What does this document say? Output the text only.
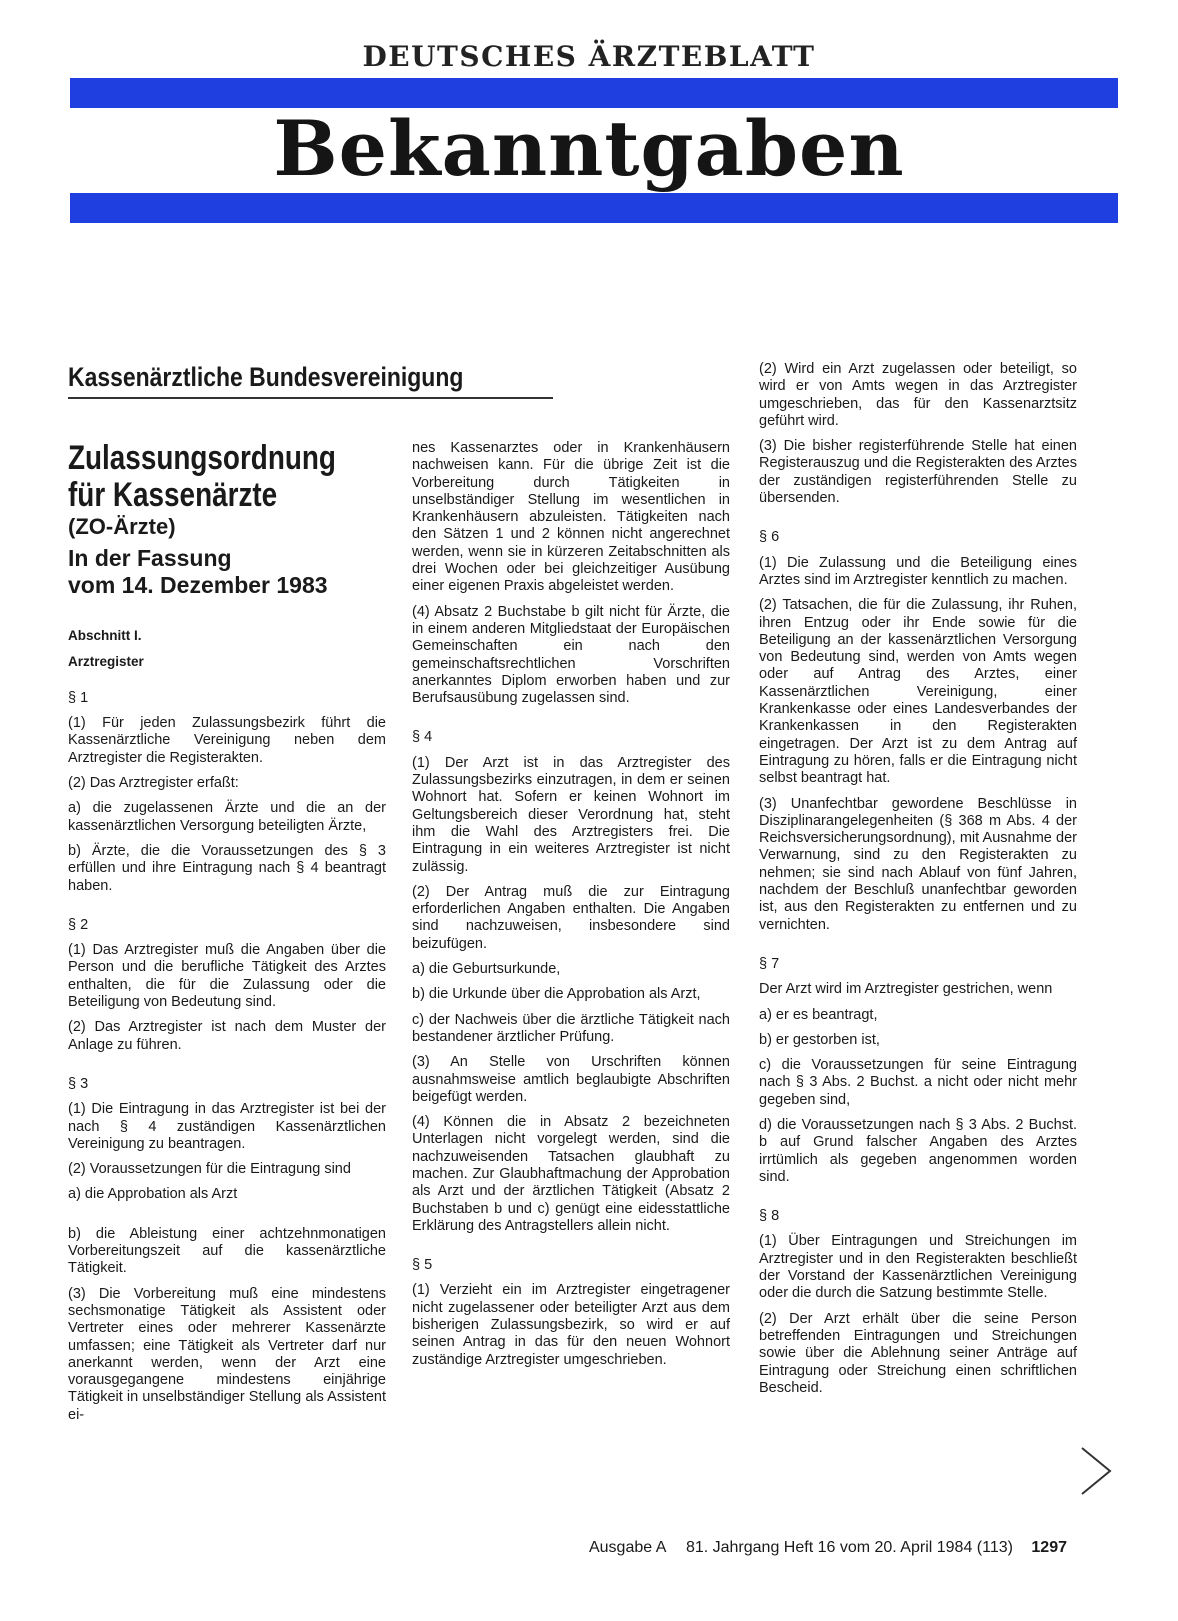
DEUTSCHES ÄRZTEBLATT
Bekanntgaben
Kassenärztliche Bundesvereinigung
Zulassungsordnung
für Kassenärzte
(ZO-Ärzte)
In der Fassung
vom 14. Dezember 1983

Abschnitt I.

Arztregister

§ 1

(1) Für jeden Zulassungsbezirk führt die Kassenärztliche Vereinigung neben dem Arztregister die Registerakten.

(2) Das Arztregister erfaßt:

a) die zugelassenen Ärzte und die an der kassenärztlichen Versorgung beteiligten Ärzte,

b) Ärzte, die die Voraussetzungen des § 3 erfüllen und ihre Eintragung nach § 4 beantragt haben.

§ 2

(1) Das Arztregister muß die Angaben über die Person und die berufliche Tätigkeit des Arztes enthalten, die für die Zulassung oder die Beteiligung von Bedeutung sind.

(2) Das Arztregister ist nach dem Muster der Anlage zu führen.

§ 3

(1) Die Eintragung in das Arztregister ist bei der nach § 4 zuständigen Kassenärztlichen Vereinigung zu beantragen.

(2) Voraussetzungen für die Eintragung sind

a) die Approbation als Arzt

b) die Ableistung einer achtzehnmonatigen Vorbereitungszeit auf die kassenärztliche Tätigkeit.

(3) Die Vorbereitung muß eine mindestens sechsmonatige Tätigkeit als Assistent oder Vertreter eines oder mehrerer Kassenärzte umfassen; eine Tätigkeit als Vertreter darf nur anerkannt werden, wenn der Arzt eine vorausgegangene mindestens einjährige Tätigkeit in unselbständiger Stellung als Assistent ei-

nes Kassenarztes oder in Krankenhäusern nachweisen kann. Für die übrige Zeit ist die Vorbereitung durch Tätigkeiten in unselbständiger Stellung im wesentlichen in Krankenhäusern abzuleisten. Tätigkeiten nach den Sätzen 1 und 2 können nicht angerechnet werden, wenn sie in kürzeren Zeitabschnitten als drei Wochen oder bei gleichzeitiger Ausübung einer eigenen Praxis abgeleistet werden.

(4) Absatz 2 Buchstabe b gilt nicht für Ärzte, die in einem anderen Mitgliedstaat der Europäischen Gemeinschaften ein nach den gemeinschaftsrechtlichen Vorschriften anerkanntes Diplom erworben haben und zur Berufsausübung zugelassen sind.

§ 4

(1) Der Arzt ist in das Arztregister des Zulassungsbezirks einzutragen, in dem er seinen Wohnort hat. Sofern er keinen Wohnort im Geltungsbereich dieser Verordnung hat, steht ihm die Wahl des Arztregisters frei. Die Eintragung in ein weiteres Arztregister ist nicht zulässig.

(2) Der Antrag muß die zur Eintragung erforderlichen Angaben enthalten. Die Angaben sind nachzuweisen, insbesondere sind beizufügen.

a) die Geburtsurkunde,

b) die Urkunde über die Approbation als Arzt,

c) der Nachweis über die ärztliche Tätigkeit nach bestandener ärztlicher Prüfung.

(3) An Stelle von Urschriften können ausnahmsweise amtlich beglaubigte Abschriften beigefügt werden.

(4) Können die in Absatz 2 bezeichneten Unterlagen nicht vorgelegt werden, sind die nachzuweisenden Tatsachen glaubhaft zu machen. Zur Glaubhaftmachung der Approbation als Arzt und der ärztlichen Tätigkeit (Absatz 2 Buchstaben b und c) genügt eine eidesstattliche Erklärung des Antragstellers allein nicht.

§ 5

(1) Verzieht ein im Arztregister eingetragener nicht zugelassener oder beteiligter Arzt aus dem bisherigen Zulassungsbezirk, so wird er auf seinen Antrag in das für den neuen Wohnort zuständige Arztregister umgeschrieben.

(2) Wird ein Arzt zugelassen oder beteiligt, so wird er von Amts wegen in das Arztregister umgeschrieben, das für den Kassenarztsitz geführt wird.

(3) Die bisher registerführende Stelle hat einen Registerauszug und die Registerakten des Arztes der zuständigen registerführenden Stelle zu übersenden.

§ 6

(1) Die Zulassung und die Beteiligung eines Arztes sind im Arztregister kenntlich zu machen.

(2) Tatsachen, die für die Zulassung, ihr Ruhen, ihren Entzug oder ihr Ende sowie für die Beteiligung an der kassenärztlichen Versorgung von Bedeutung sind, werden von Amts wegen oder auf Antrag des Arztes, einer Kassenärztlichen Vereinigung, einer Krankenkasse oder eines Landesverbandes der Krankenkassen in den Registerakten eingetragen. Der Arzt ist zu dem Antrag auf Eintragung zu hören, falls er die Eintragung nicht selbst beantragt hat.

(3) Unanfechtbar gewordene Beschlüsse in Disziplinarangelegenheiten (§ 368 m Abs. 4 der Reichsversicherungsordnung), mit Ausnahme der Verwarnung, sind zu den Registerakten zu nehmen; sie sind nach Ablauf von fünf Jahren, nachdem der Beschluß unanfechtbar geworden ist, aus den Registerakten zu entfernen und zu vernichten.

§ 7

Der Arzt wird im Arztregister gestrichen, wenn

a) er es beantragt,

b) er gestorben ist,

c) die Voraussetzungen für seine Eintragung nach § 3 Abs. 2 Buchst. a nicht oder nicht mehr gegeben sind,

d) die Voraussetzungen nach § 3 Abs. 2 Buchst. b auf Grund falscher Angaben des Arztes irrtümlich als gegeben angenommen worden sind.

§ 8

(1) Über Eintragungen und Streichungen im Arztregister und in den Registerakten beschließt der Vorstand der Kassenärztlichen Vereinigung oder die durch die Satzung bestimmte Stelle.

(2) Der Arzt erhält über die seine Person betreffenden Eintragungen und Streichungen sowie über die Ablehnung seiner Anträge auf Eintragung oder Streichung einen schriftlichen Bescheid.

Ausgabe A 81. Jahrgang Heft 16 vom 20. April 1984 (113) 1297
